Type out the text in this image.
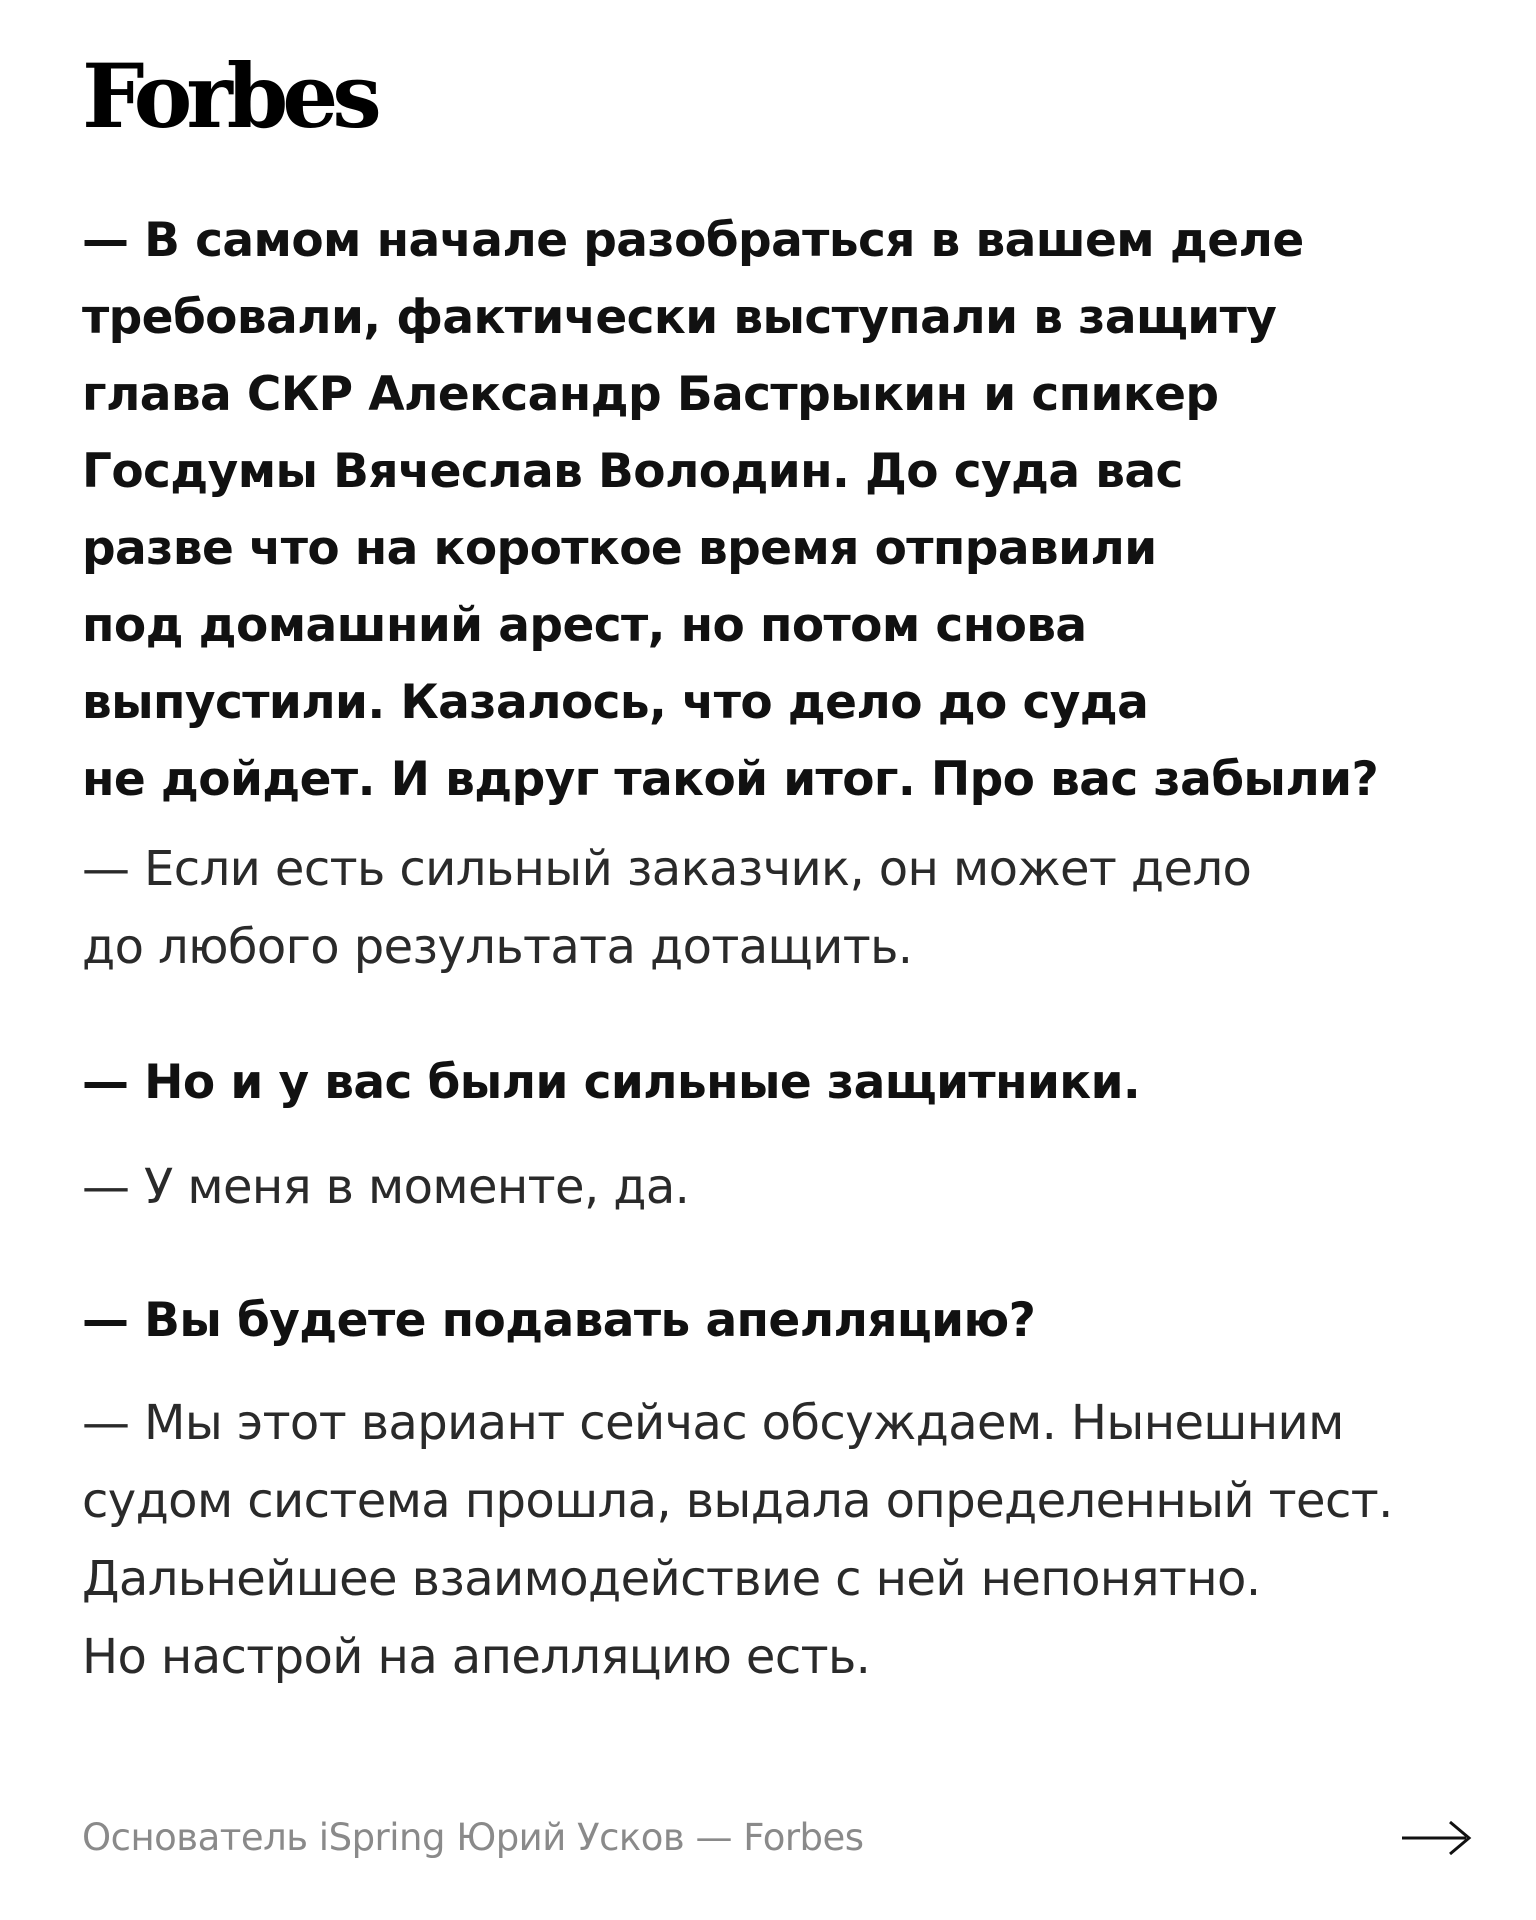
Forbes

— В самом начале разобраться в вашем деле
требовали, фактически выступали в защиту
глава СКР Александр Бастрыкин и спикер
Госдумы Вячеслав Володин. До суда вас
разве что на короткое время отправили
под домашний арест, но потом снова
выпустили. Казалось, что дело до суда
не дойдет. И вдруг такой итог. Про вас забыли?

— Если есть сильный заказчик, он может дело
до любого результата дотащить.

— Но и у вас были сильные защитники.

— У меня в моменте, да.

— Вы будете подавать апелляцию?

— Мы этот вариант сейчас обсуждаем. Нынешним
судом система прошла, выдала определенный тест.
Дальнейшее взаимодействие с ней непонятно.
Но настрой на апелляцию есть.

Основатель iSpring Юрий Усков — Forbes
